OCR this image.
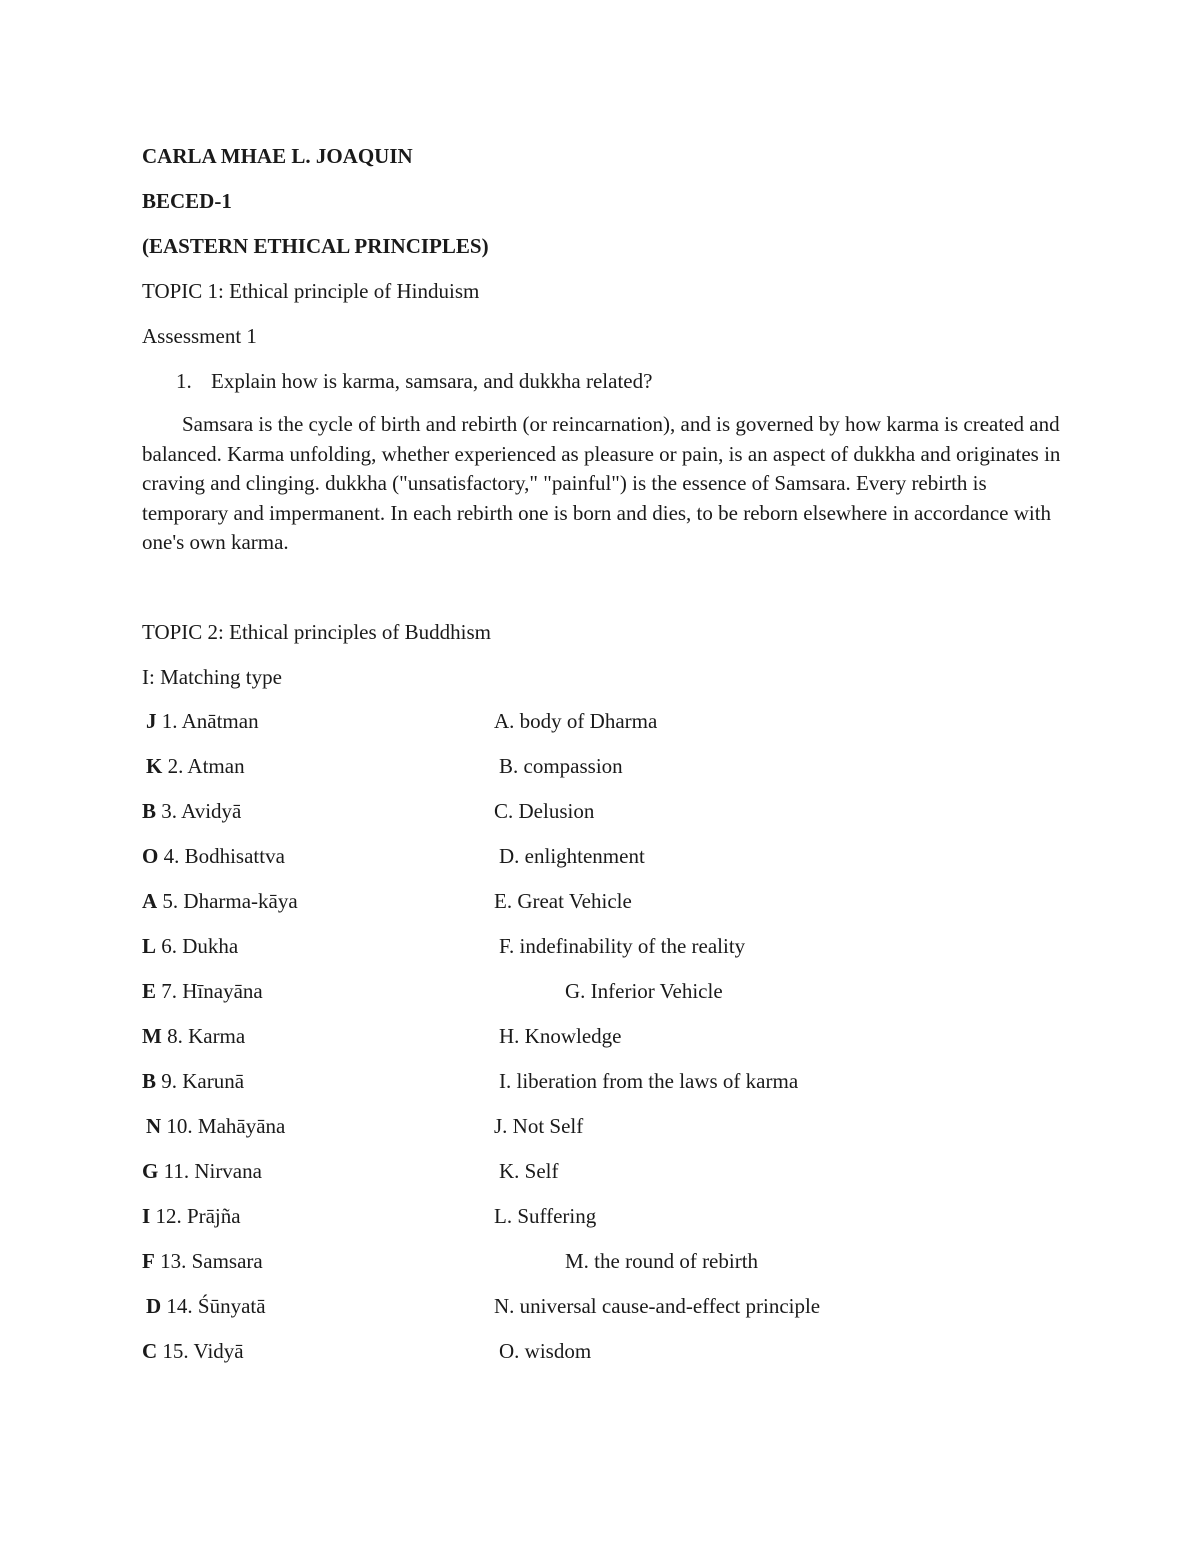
CARLA MHAE L. JOAQUIN
BECED-1
(EASTERN ETHICAL PRINCIPLES)
TOPIC 1: Ethical principle of Hinduism
Assessment 1
1. Explain how is karma, samsara, and dukkha related?
Samsara is the cycle of birth and rebirth (or reincarnation), and is governed by how karma is created and balanced. Karma unfolding, whether experienced as pleasure or pain, is an aspect of dukkha and originates in craving and clinging. dukkha ("unsatisfactory," "painful") is the essence of Samsara. Every rebirth is temporary and impermanent. In each rebirth one is born and dies, to be reborn elsewhere in accordance with one's own karma.
TOPIC 2: Ethical principles of Buddhism
I: Matching type
J 1. Anātman	A. body of Dharma
K 2. Atman	B. compassion
B 3. Avidyā	C. Delusion
O 4. Bodhisattva	D. enlightenment
A 5. Dharma-kāya	E. Great Vehicle
L 6. Dukha	F. indefinability of the reality
E 7. Hīnayāna	G. Inferior Vehicle
M 8. Karma	H. Knowledge
B 9. Karunā	I. liberation from the laws of karma
N 10. Mahāyāna	J. Not Self
G 11. Nirvana	K. Self
I 12. Prājña	L. Suffering
F 13. Samsara	M. the round of rebirth
D 14. Śūnyatā	N. universal cause-and-effect principle
C 15. Vidyā	O. wisdom
